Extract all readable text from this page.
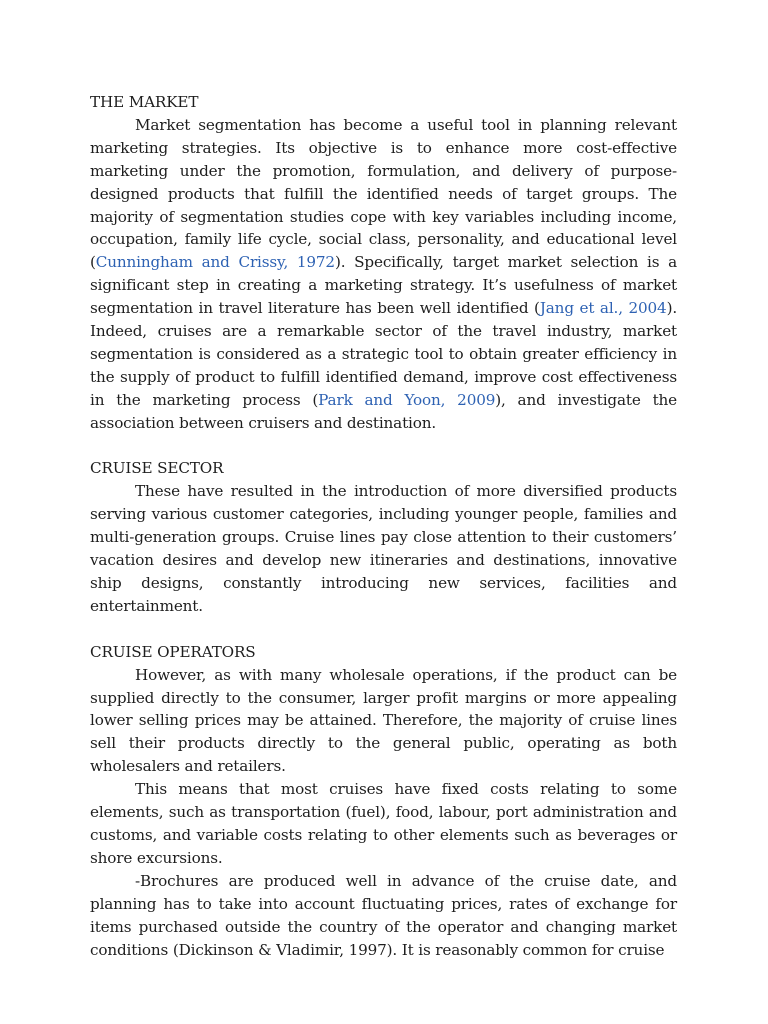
THE MARKET

Market segmentation has become a useful tool in planning relevant marketing strategies. Its objective is to enhance more cost-effective marketing under the promotion, formulation, and delivery of purpose-designed products that fulfill the identified needs of target groups. The majority of segmentation studies cope with key variables including income, occupation, family life cycle, social class, personality, and educational level (Cunningham and Crissy, 1972). Specifically, target market selection is a significant step in creating a marketing strategy. It’s usefulness of market segmentation in travel literature has been well identified (Jang et al., 2004). Indeed, cruises are a remarkable sector of the travel industry, market segmentation is considered as a strategic tool to obtain greater efficiency in the supply of product to fulfill identified demand, improve cost effectiveness in the marketing process (Park and Yoon, 2009), and investigate the association between cruisers and destination.

CRUISE SECTOR

These have resulted in the introduction of more diversified products serving various customer categories, including younger people, families and multi-generation groups. Cruise lines pay close attention to their customers’ vacation desires and develop new itineraries and destinations, innovative ship designs, constantly introducing new services, facilities and entertainment.

CRUISE OPERATORS

However, as with many wholesale operations, if the product can be supplied directly to the consumer, larger profit margins or more appealing lower selling prices may be attained. Therefore, the majority of cruise lines sell their products directly to the general public, operating as both wholesalers and retailers.

This means that most cruises have fixed costs relating to some elements, such as transportation (fuel), food, labour, port administration and customs, and variable costs relating to other elements such as beverages or shore excursions.

-Brochures are produced well in advance of the cruise date, and planning has to take into account fluctuating prices, rates of exchange for items purchased outside the country of the operator and changing market conditions (Dickinson & Vladimir, 1997). It is reasonably common for cruise
